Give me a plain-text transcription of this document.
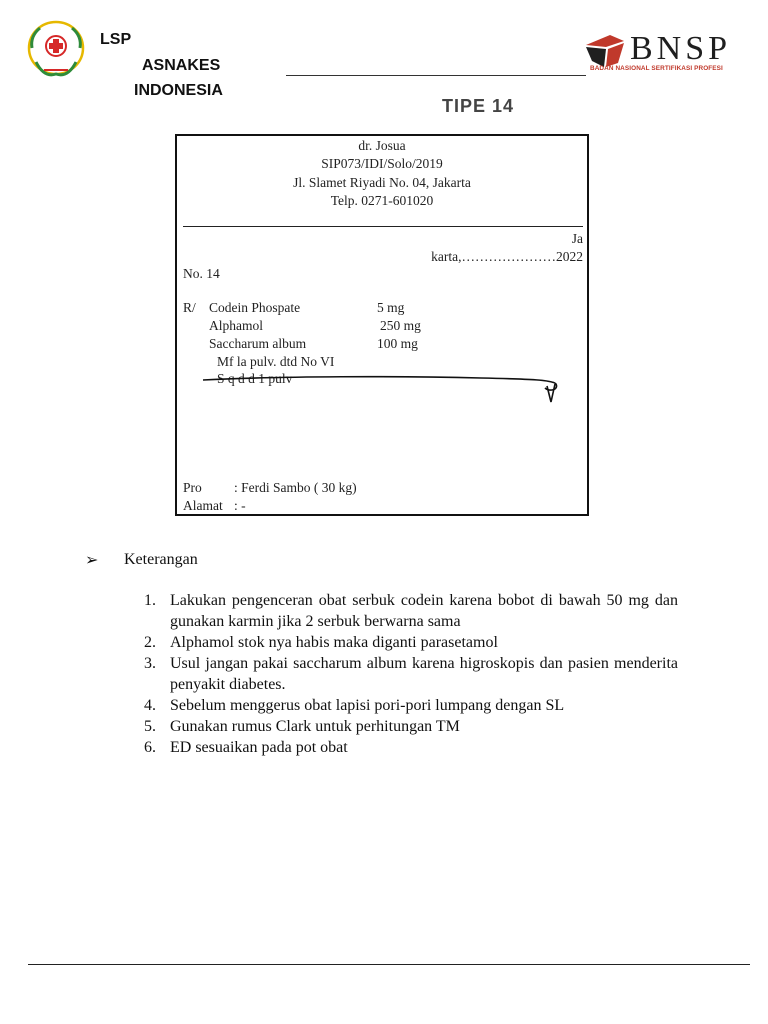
LSP
ASNAKES
INDONESIA
BNSP
BADAN NASIONAL SERTIFIKASI PROFESI
TIPE 14
dr. Josua
SIP073/IDI/Solo/2019
Jl. Slamet Riyadi No. 04, Jakarta
Telp. 0271-601020
Ja
karta,…………………2022
No. 14
R/ Codein Phospate	5 mg
Alphamol	250 mg
Saccharum album	100 mg
Mf la pulv. dtd No VI
S q d d 1 pulv
Pro : Ferdi Sambo ( 30 kg)
Alamat : -
➢ Keterangan
1. Lakukan pengenceran obat serbuk codein karena bobot di bawah 50 mg dan gunakan karmin jika 2 serbuk berwarna sama
2. Alphamol stok nya habis maka diganti parasetamol
3. Usul jangan pakai saccharum album karena higroskopis dan pasien menderita penyakit diabetes.
4. Sebelum menggerus obat lapisi pori-pori lumpang dengan SL
5. Gunakan rumus Clark untuk perhitungan TM
6. ED sesuaikan pada pot obat
